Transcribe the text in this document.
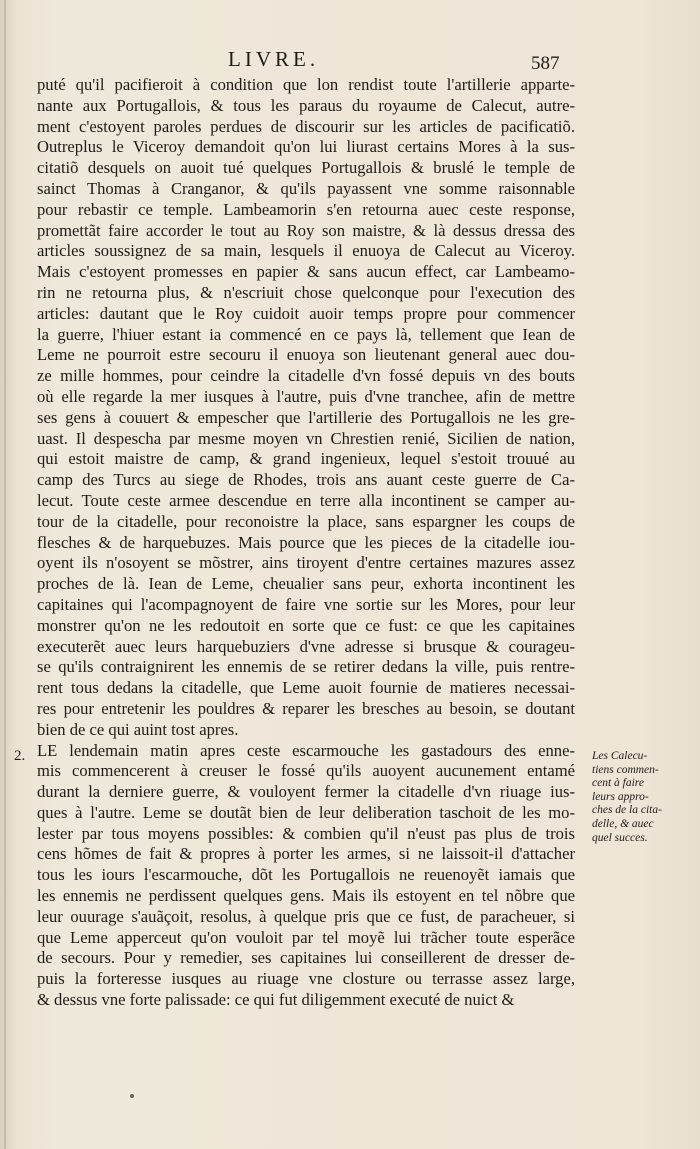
LIVRE.	587
puté qu'il pacifieroit à condition que lon rendist toute l'artillerie apparte-
nante aux Portugallois, & tous les paraus du royaume de Calecut, autre-
ment c'estoyent paroles perdues de discourir sur les articles de pacificatiõ.
Outreplus le Viceroy demandoit qu'on lui liurast certains Mores à la sus-
citatiõ desquels on auoit tué quelques Portugallois & bruslé le temple de
sainct Thomas à Cranganor, & qu'ils payassent vne somme raisonnable
pour rebastir ce temple. Lambeamorin s'en retourna auec ceste response,
promettãt faire accorder le tout au Roy son maistre, & là dessus dressa des
articles soussignez de sa main, lesquels il enuoya de Calecut au Viceroy.
Mais c'estoyent promesses en papier & sans aucun effect, car Lambeamo-
rin ne retourna plus, & n'escriuit chose quelconque pour l'execution des
articles: dautant que le Roy cuidoit auoir temps propre pour commencer
la guerre, l'hiuer estant ia commencé en ce pays là, tellement que Iean de
Leme ne pourroit estre secouru il enuoya son lieutenant general auec dou-
ze mille hommes, pour ceindre la citadelle d'vn fossé depuis vn des bouts
où elle regarde la mer iusques à l'autre, puis d'vne tranchee, afin de mettre
ses gens à couuert & empescher que l'artillerie des Portugallois ne les gre-
uast. Il despescha par mesme moyen vn Chrestien renié, Sicilien de nation,
qui estoit maistre de camp, & grand ingenieux, lequel s'estoit trouué au
camp des Turcs au siege de Rhodes, trois ans auant ceste guerre de Ca-
lecut. Toute ceste armee descendue en terre alla incontinent se camper au-
tour de la citadelle, pour reconoistre la place, sans espargner les coups de
flesches & de harquebuzes. Mais pource que les pieces de la citadelle iou-
oyent ils n'osoyent se mõstrer, ains tiroyent d'entre certaines mazures assez
proches de là. Iean de Leme, cheualier sans peur, exhorta incontinent les
capitaines qui l'acompagnoyent de faire vne sortie sur les Mores, pour leur
monstrer qu'on ne les redoutoit en sorte que ce fust: ce que les capitaines
executerẽt auec leurs harquebuziers d'vne adresse si brusque & courageu-
se qu'ils contraignirent les ennemis de se retirer dedans la ville, puis rentre-
rent tous dedans la citadelle, que Leme auoit fournie de matieres necessai-
res pour entretenir les pouldres & reparer les bresches au besoin, se doutant
bien de ce qui auint tost apres.
LE lendemain matin apres ceste escarmouche les gastadours des enne-
mis commencerent à creuser le fossé qu'ils auoyent aucunement entamé
durant la derniere guerre, & vouloyent fermer la citadelle d'vn riuage ius-
ques à l'autre. Leme se doutãt bien de leur deliberation taschoit de les mo-
lester par tous moyens possibles: & combien qu'il n'eust pas plus de trois
cens hõmes de fait & propres à porter les armes, si ne laissoit-il d'attacher
tous les iours l'escarmouche, dõt les Portugallois ne reuenoyẽt iamais que
les ennemis ne perdissent quelques gens. Mais ils estoyent en tel nõbre que
leur ouurage s'auãçoit, resolus, à quelque pris que ce fust, de paracheuer, si
que Leme apperceut qu'on vouloit par tel moyẽ lui trãcher toute esperãce
de secours. Pour y remedier, ses capitaines lui conseillerent de dresser de-
puis la forteresse iusques au riuage vne closture ou terrasse assez large,
& dessus vne forte palissade: ce qui fut diligemment executé de nuict &
2.	Les Calecu-
tiens commen-
cent à faire
leurs appro-
ches de la cita-
delle, & auec
quel succes.
